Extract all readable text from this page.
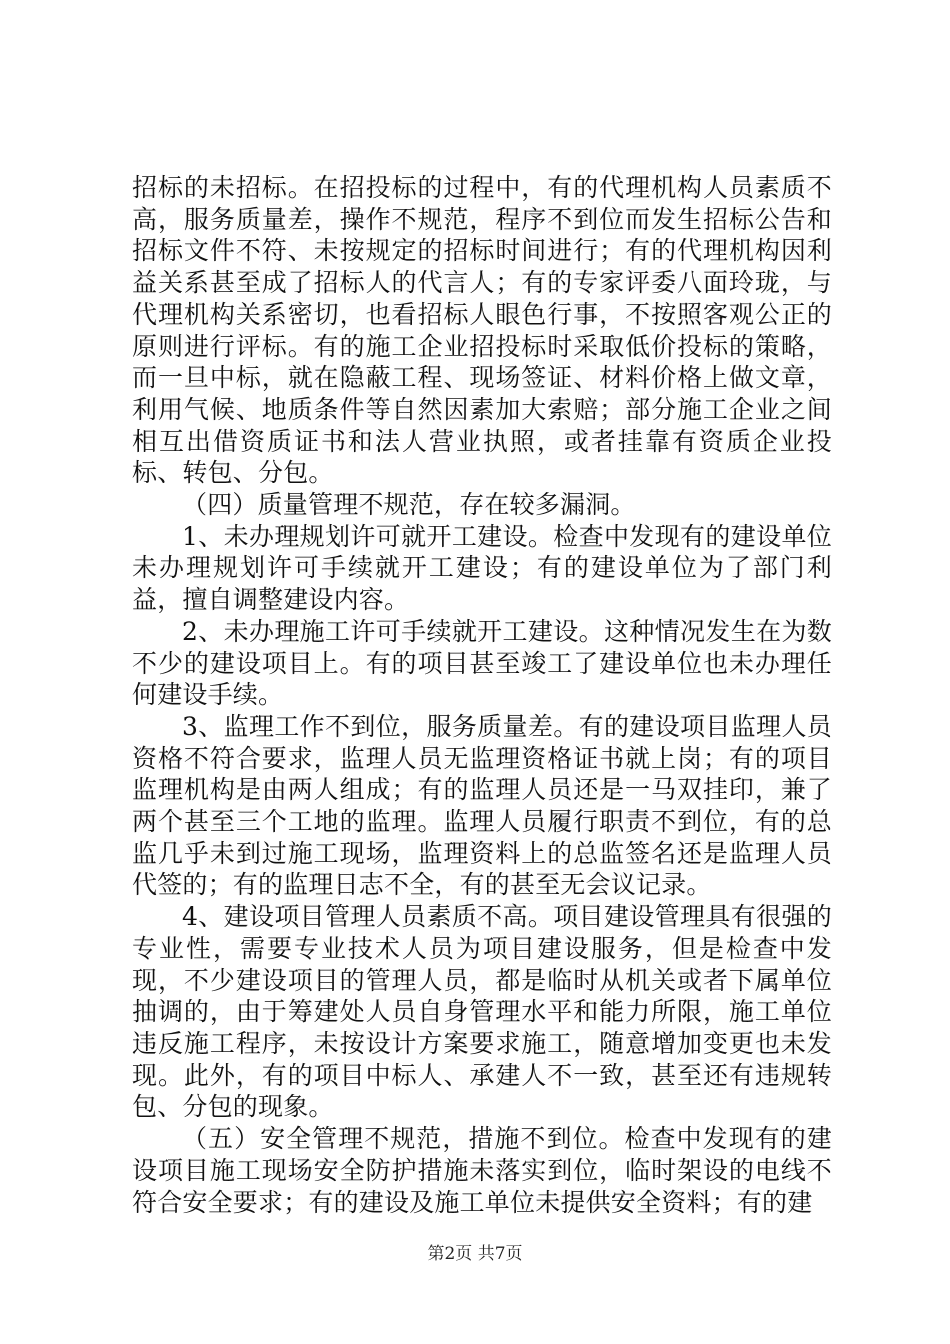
招标的未招标。在招投标的过程中，有的代理机构人员素质不高，服务质量差，操作不规范，程序不到位而发生招标公告和招标文件不符、未按规定的招标时间进行；有的代理机构因利益关系甚至成了招标人的代言人；有的专家评委八面玲珑，与代理机构关系密切，也看招标人眼色行事，不按照客观公正的原则进行评标。有的施工企业招投标时采取低价投标的策略，而一旦中标，就在隐蔽工程、现场签证、材料价格上做文章，利用气候、地质条件等自然因素加大索赔；部分施工企业之间相互出借资质证书和法人营业执照，或者挂靠有资质企业投标、转包、分包。

（四）质量管理不规范，存在较多漏洞。

1、未办理规划许可就开工建设。检查中发现有的建设单位未办理规划许可手续就开工建设；有的建设单位为了部门利益，擅自调整建设内容。

2、未办理施工许可手续就开工建设。这种情况发生在为数不少的建设项目上。有的项目甚至竣工了建设单位也未办理任何建设手续。

3、监理工作不到位，服务质量差。有的建设项目监理人员资格不符合要求，监理人员无监理资格证书就上岗；有的项目监理机构是由两人组成；有的监理人员还是一马双挂印，兼了两个甚至三个工地的监理。监理人员履行职责不到位，有的总监几乎未到过施工现场，监理资料上的总监签名还是监理人员代签的；有的监理日志不全，有的甚至无会议记录。

4、建设项目管理人员素质不高。项目建设管理具有很强的专业性，需要专业技术人员为项目建设服务，但是检查中发现，不少建设项目的管理人员，都是临时从机关或者下属单位抽调的，由于筹建处人员自身管理水平和能力所限，施工单位违反施工程序，未按设计方案要求施工，随意增加变更也未发现。此外，有的项目中标人、承建人不一致，甚至还有违规转包、分包的现象。

（五）安全管理不规范，措施不到位。检查中发现有的建设项目施工现场安全防护措施未落实到位，临时架设的电线不符合安全要求；有的建设及施工单位未提供安全资料；有的建

第2页 共7页
